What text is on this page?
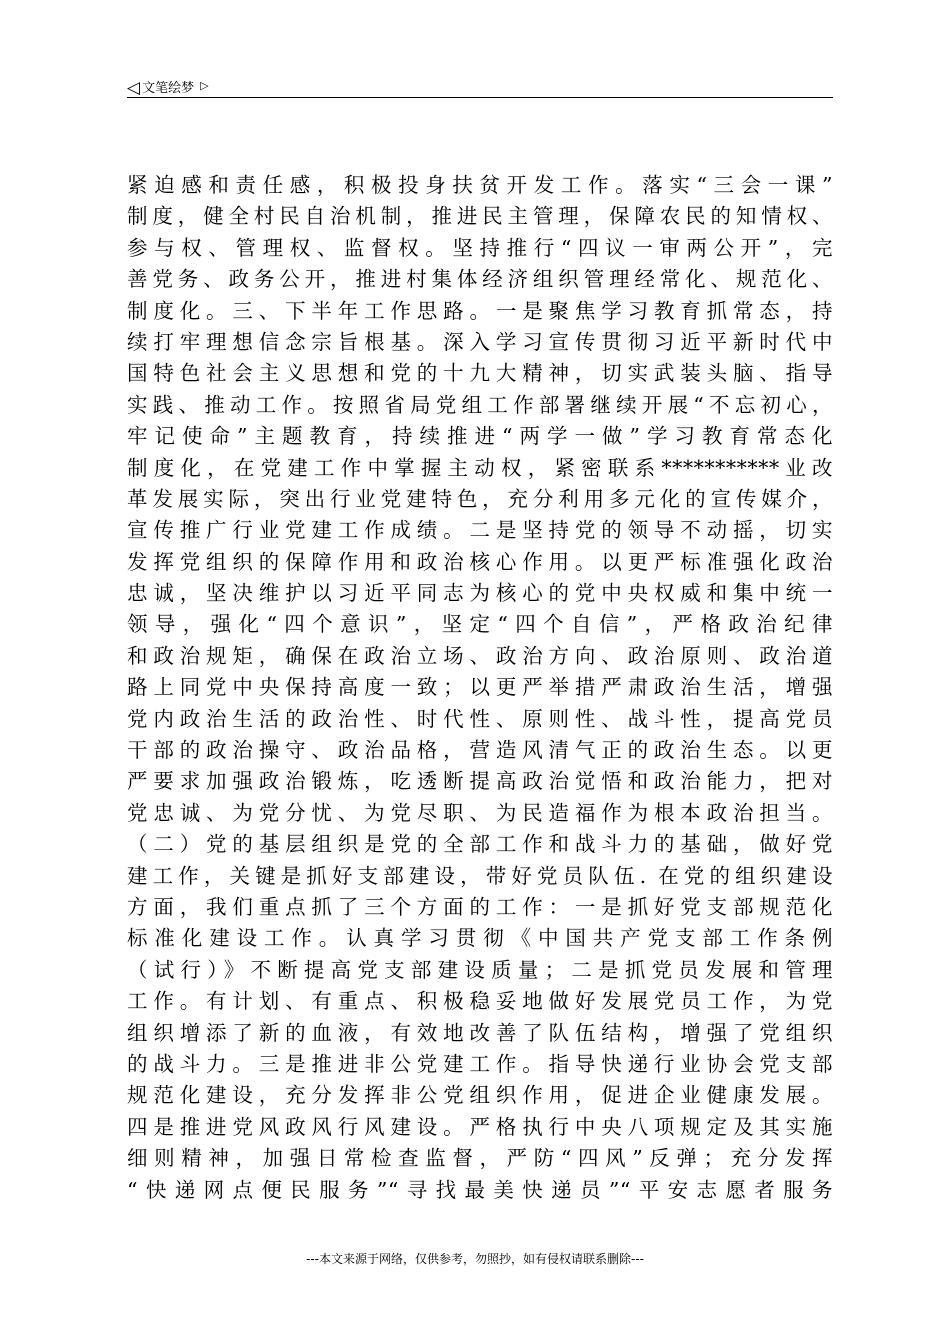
◁ 文笔绘梦 ▷
紧迫感和责任感，积极投身扶贫开发工作。落实“三会一课”
制度，健全村民自治机制，推进民主管理，保障农民的知情权、
参与权、管理权、监督权。坚持推行“四议一审两公开”，完
善党务、政务公开，推进村集体经济组织管理经常化、规范化、
制度化。三、下半年工作思路。一是聚焦学习教育抓常态，持
续打牢理想信念宗旨根基。深入学习宣传贯彻习近平新时代中
国特色社会主义思想和党的十九大精神，切实武装头脑、指导
实践、推动工作。按照省局党组工作部署继续开展“不忘初心，
牢记使命”主题教育，持续推进“两学一做”学习教育常态化
制度化，在党建工作中掌握主动权，紧密联系***********业改
革发展实际，突出行业党建特色，充分利用多元化的宣传媒介，
宣传推广行业党建工作成绩。二是坚持党的领导不动摇，切实
发挥党组织的保障作用和政治核心作用。以更严标准强化政治
忠诚，坚决维护以习近平同志为核心的党中央权威和集中统一
领导，强化“四个意识”，坚定“四个自信”，严格政治纪律
和政治规矩，确保在政治立场、政治方向、政治原则、政治道
路上同党中央保持高度一致；以更严举措严肃政治生活，增强
党内政治生活的政治性、时代性、原则性、战斗性，提高党员
干部的政治操守、政治品格，营造风清气正的政治生态。以更
严要求加强政治锻炼，吃透断提高政治觉悟和政治能力，把对
党忠诚、为党分忧、为党尽职、为民造福作为根本政治担当。
（二）党的基层组织是党的全部工作和战斗力的基础，做好党
建工作，关键是抓好支部建设，带好党员队伍. 在党的组织建设
方面，我们重点抓了三个方面的工作：一是抓好党支部规范化
标准化建设工作。认真学习贯彻《中国共产党支部工作条例
（试行）》不断提高党支部建设质量；二是抓党员发展和管理
工作。有计划、有重点、积极稳妥地做好发展党员工作，为党
组织增添了新的血液，有效地改善了队伍结构，增强了党组织
的战斗力。三是推进非公党建工作。指导快递行业协会党支部
规范化建设，充分发挥非公党组织作用，促进企业健康发展。
四是推进党风政风行风建设。严格执行中央八项规定及其实施
细则精神，加强日常检查监督，严防“四风”反弹；充分发挥
“快递网点便民服务”“寻找最美快递员”“平安志愿者服务
---本文来源于网络，仅供参考，勿照抄，如有侵权请联系删除---
